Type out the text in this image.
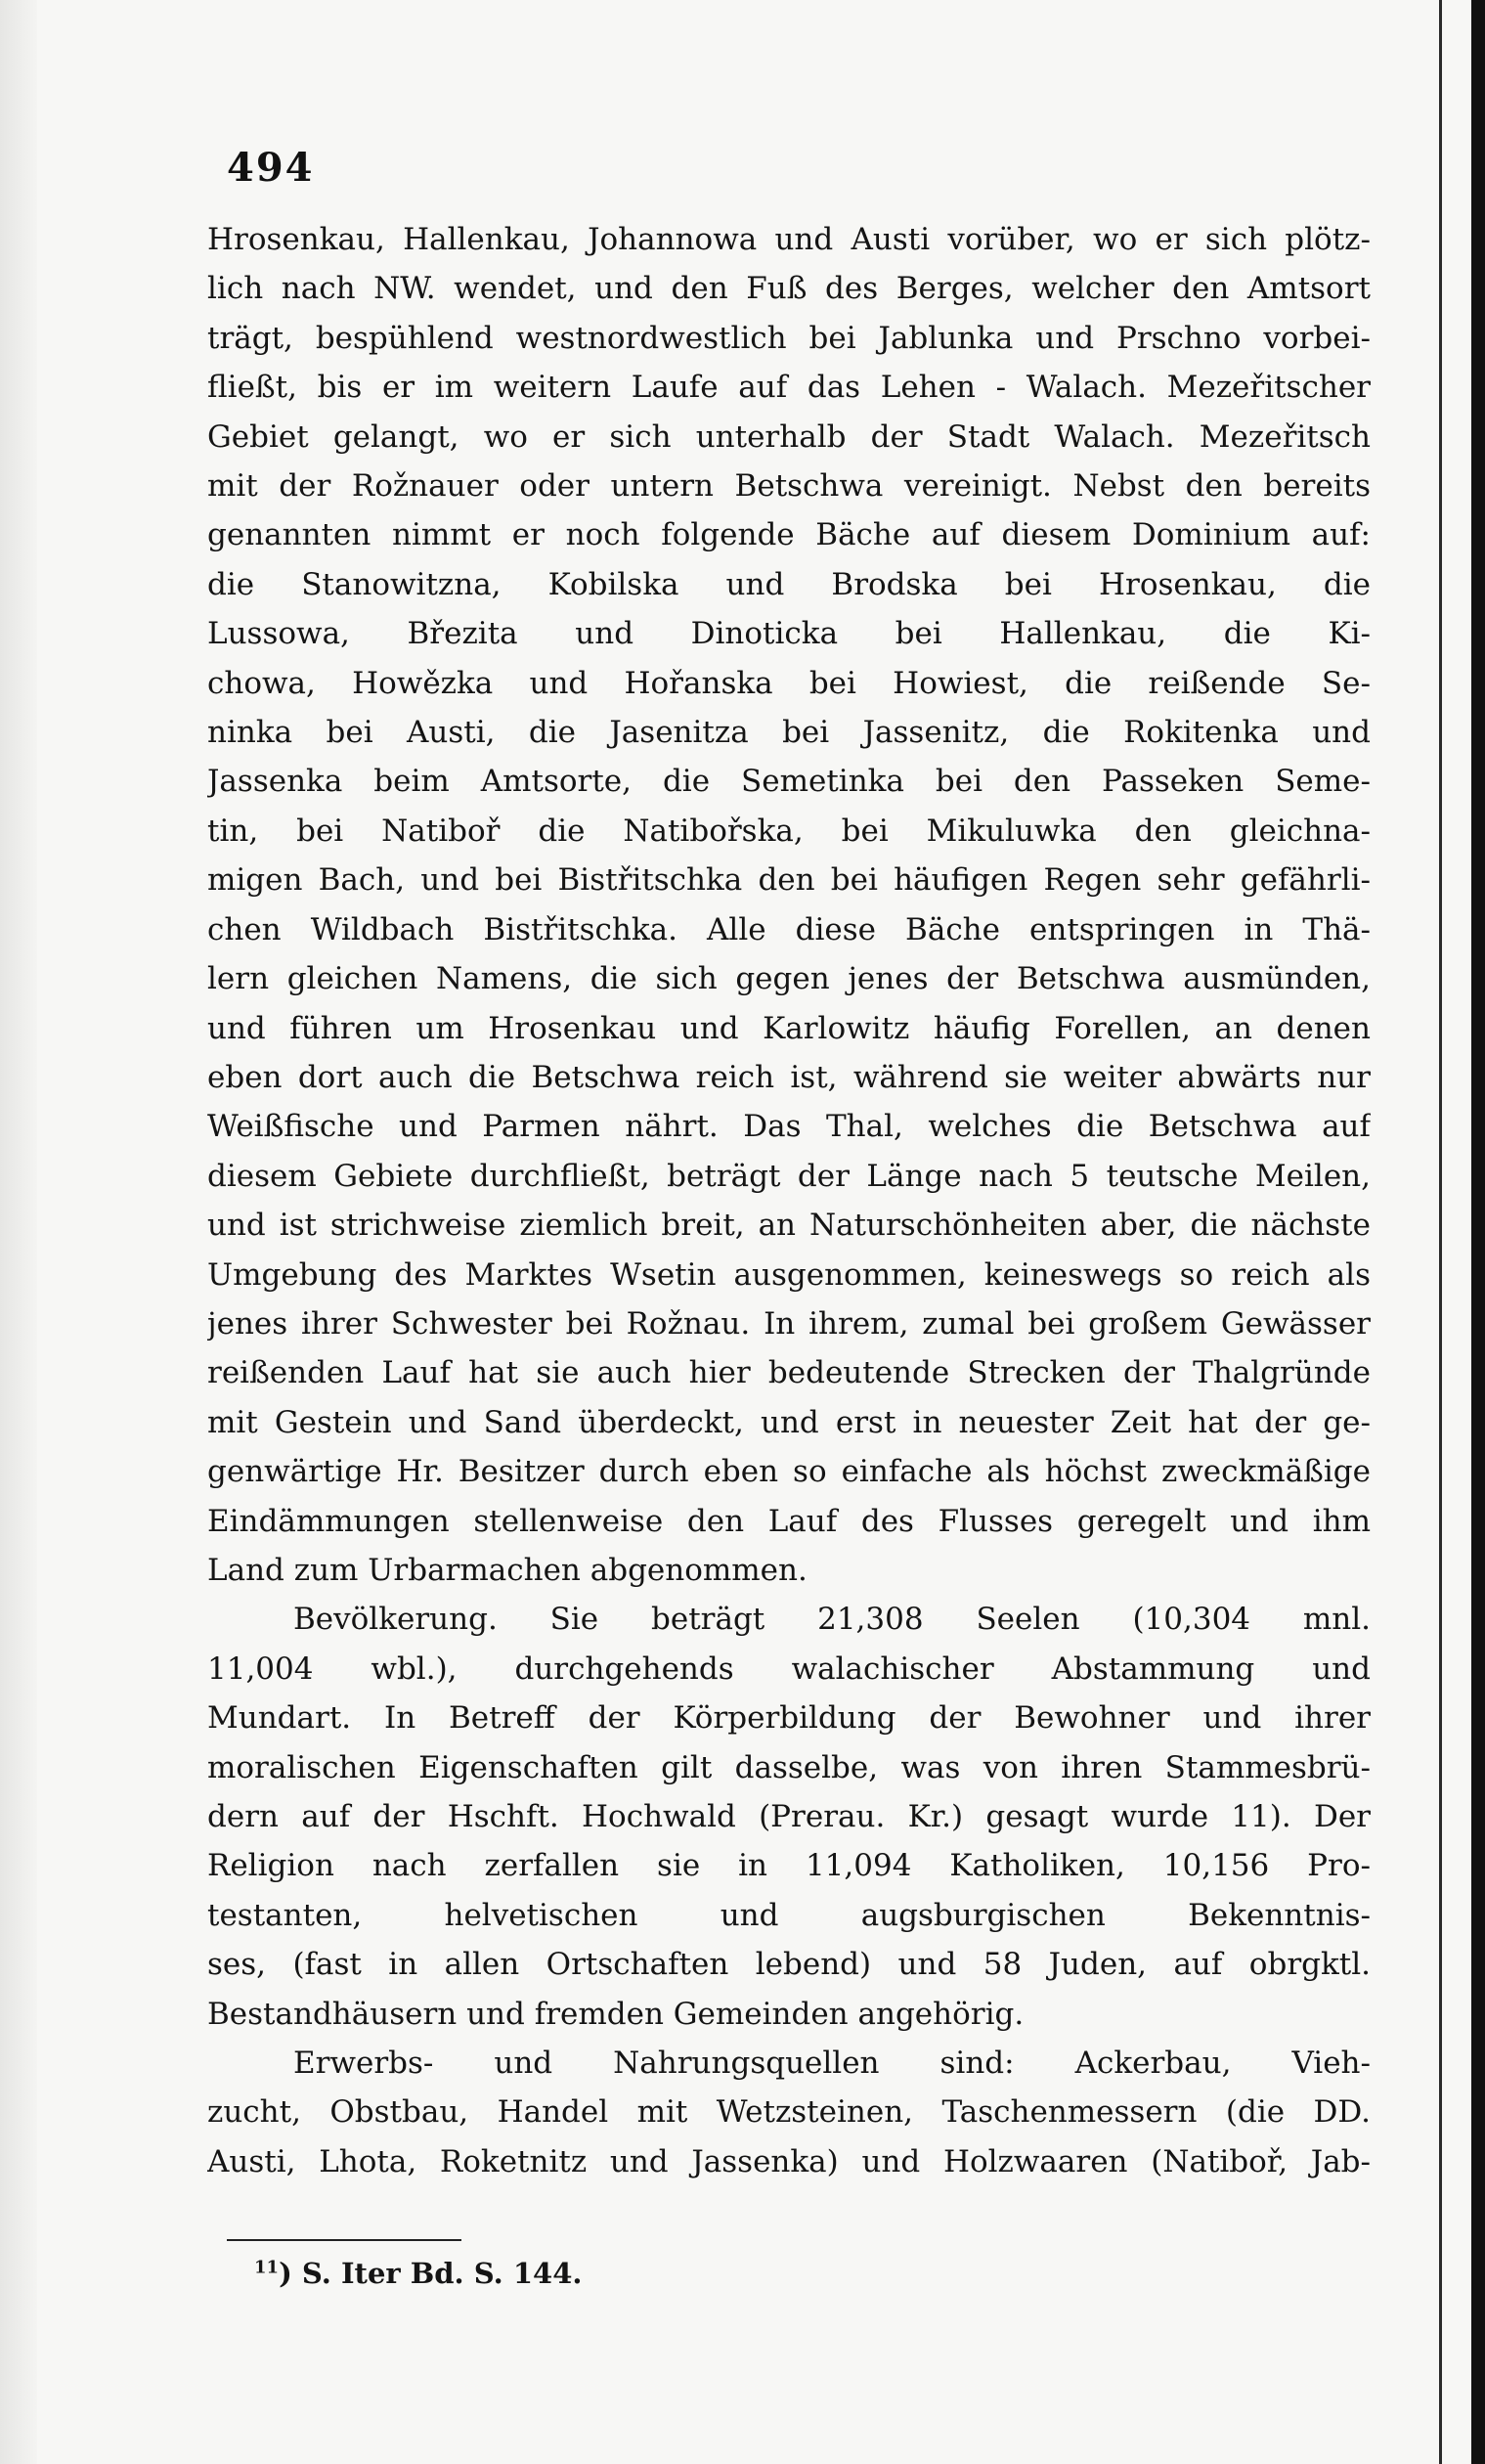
494
Hrosenkau, Hallenkau, Johannowa und Austi vorüber, wo er sich plötz-
lich nach NW. wendet, und den Fuß des Berges, welcher den Amtsort
trägt, bespühlend westnordwestlich bei Jablunka und Prschno vorbei-
fließt, bis er im weitern Laufe auf das Lehen - Walach. Mezeřitscher
Gebiet gelangt, wo er sich unterhalb der Stadt Walach. Mezeřitsch
mit der Rožnauer oder untern Betschwa vereinigt. Nebst den bereits
genannten nimmt er noch folgende Bäche auf diesem Dominium auf:
die Stanowitzna, Kobilska und Brodska bei Hrosenkau, die
Lussowa, Březita und Dinoticka bei Hallenkau, die Ki-
chowa, Howězka und Hořanska bei Howiest, die reißende Se-
ninka bei Austi, die Jasenitza bei Jassenitz, die Rokitenka und
Jassenka beim Amtsorte, die Semetinka bei den Passeken Seme-
tin, bei Natiboř die Natibořska, bei Mikuluwka den gleichna-
migen Bach, und bei Bistřitschka den bei häufigen Regen sehr gefährli-
chen Wildbach Bistřitschka. Alle diese Bäche entspringen in Thä-
lern gleichen Namens, die sich gegen jenes der Betschwa ausmünden,
und führen um Hrosenkau und Karlowitz häufig Forellen, an denen
eben dort auch die Betschwa reich ist, während sie weiter abwärts nur
Weißfische und Parmen nährt. Das Thal, welches die Betschwa auf
diesem Gebiete durchfließt, beträgt der Länge nach 5 teutsche Meilen,
und ist strichweise ziemlich breit, an Naturschönheiten aber, die nächste
Umgebung des Marktes Wsetin ausgenommen, keineswegs so reich als
jenes ihrer Schwester bei Rožnau. In ihrem, zumal bei großem Gewässer
reißenden Lauf hat sie auch hier bedeutende Strecken der Thalgründe
mit Gestein und Sand überdeckt, und erst in neuester Zeit hat der ge-
genwärtige Hr. Besitzer durch eben so einfache als höchst zweckmäßige
Eindämmungen stellenweise den Lauf des Flusses geregelt und ihm
Land zum Urbarmachen abgenommen.
Bevölkerung. Sie beträgt 21,308 Seelen (10,304 mnl.
11,004 wbl.), durchgehends walachischer Abstammung und
Mundart. In Betreff der Körperbildung der Bewohner und ihrer
moralischen Eigenschaften gilt dasselbe, was von ihren Stammesbrü-
dern auf der Hschft. Hochwald (Prerau. Kr.) gesagt wurde 11). Der
Religion nach zerfallen sie in 11,094 Katholiken, 10,156 Pro-
testanten, helvetischen und augsburgischen Bekenntnis-
ses, (fast in allen Ortschaften lebend) und 58 Juden, auf obrgktl.
Bestandhäusern und fremden Gemeinden angehörig.
Erwerbs- und Nahrungsquellen sind: Ackerbau, Vieh-
zucht, Obstbau, Handel mit Wetzsteinen, Taschenmessern (die DD.
Austi, Lhota, Roketnitz und Jassenka) und Holzwaaren (Natiboř, Jab-
$^{11}$) S. Iter Bd. S. 144.
